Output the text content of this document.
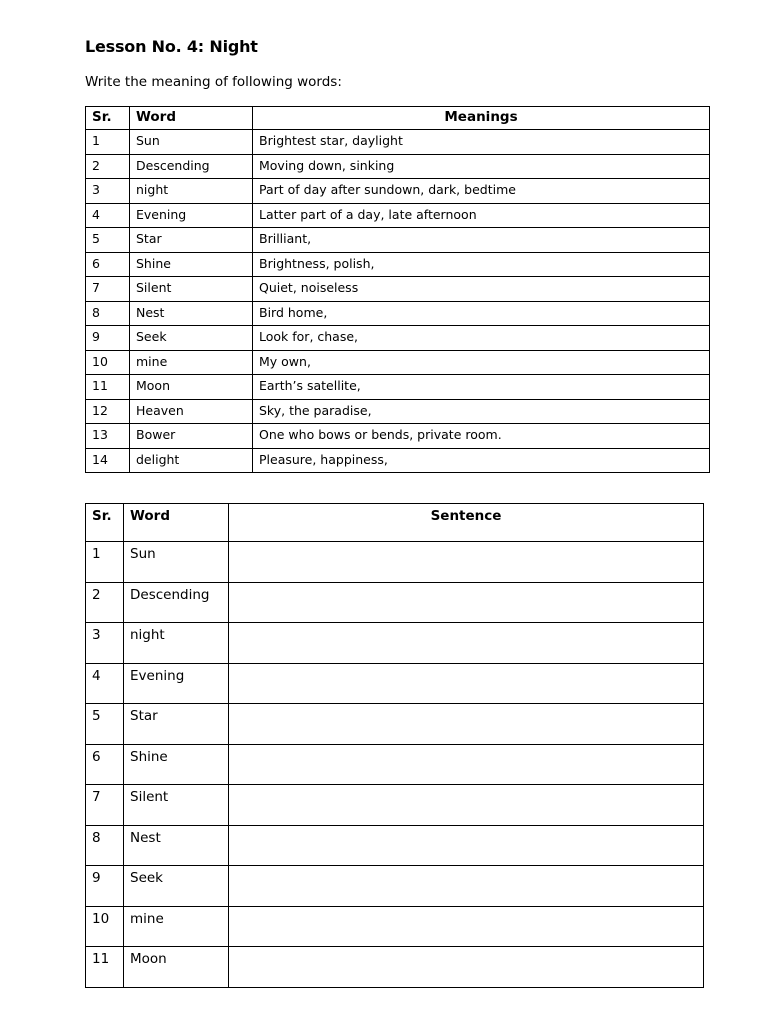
Lesson No. 4: Night
Write the meaning of following words:
Sr.	Word	Meanings
1	Sun	Brightest star, daylight
2	Descending	Moving down, sinking
3	night	Part of day after sundown, dark, bedtime
4	Evening	Latter part of a day, late afternoon
5	Star	Brilliant,
6	Shine	Brightness, polish,
7	Silent	Quiet, noiseless
8	Nest	Bird home,
9	Seek	Look for, chase,
10	mine	My own,
11	Moon	Earth’s satellite,
12	Heaven	Sky, the paradise,
13	Bower	One who bows or bends, private room.
14	delight	Pleasure, happiness,
Sr.	Word	Sentence
1	Sun	
2	Descending	
3	night	
4	Evening	
5	Star	
6	Shine	
7	Silent	
8	Nest	
9	Seek	
10	mine	
11	Moon	
